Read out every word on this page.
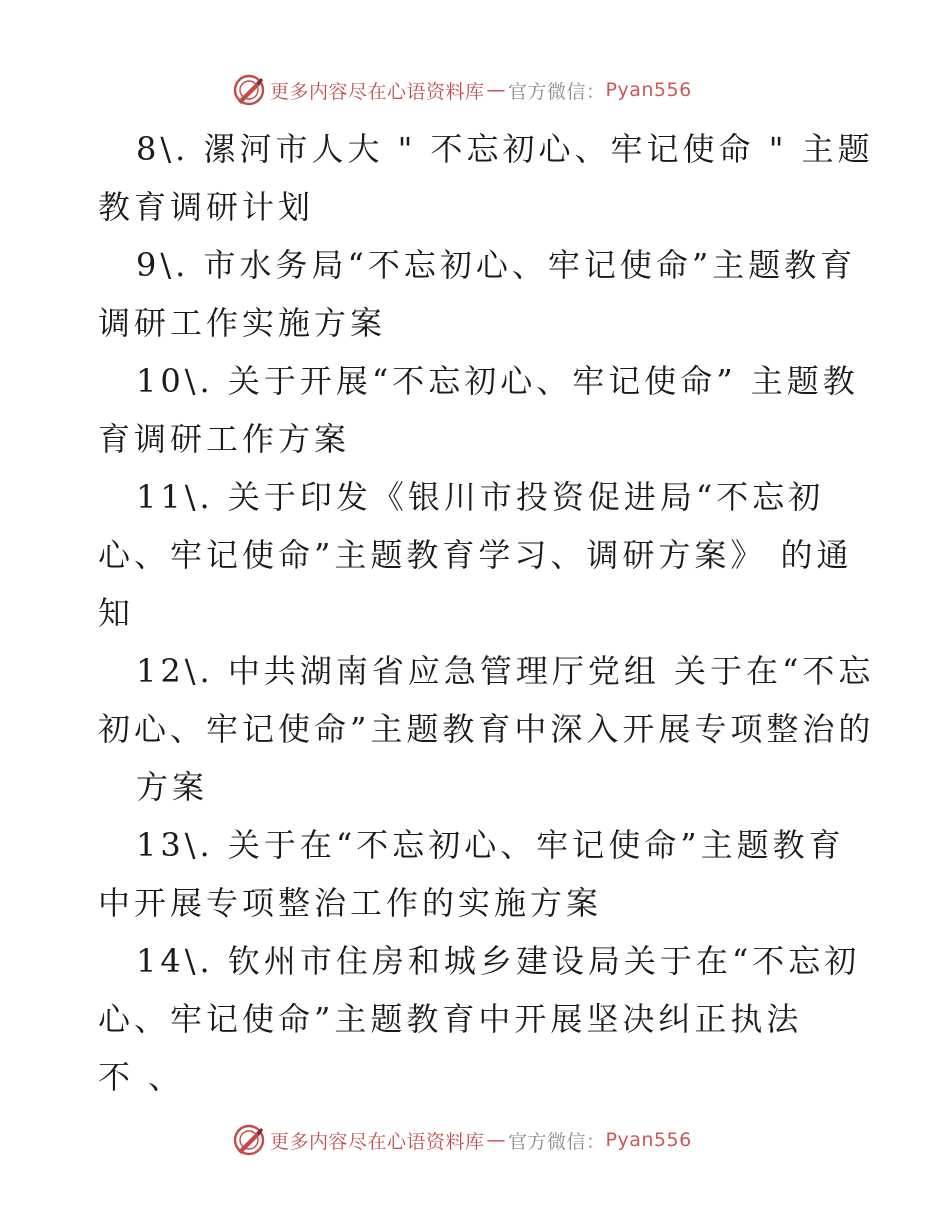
更多内容尽在心语资料库 — 官方微信： Pyan556
8\. 漯河市人大 " 不忘初心、牢记使命 " 主题
教育调研计划
9\. 市水务局“不忘初心、牢记使命”主题教育
调研工作实施方案
10\. 关于开展“不忘初心、牢记使命” 主题教
育调研工作方案
11\. 关于印发《银川市投资促进局“不忘初
心、牢记使命”主题教育学习、调研方案》 的通
知
12\. 中共湖南省应急管理厅党组 关于在“不忘
初心、牢记使命”主题教育中深入开展专项整治的
方案
13\. 关于在“不忘初心、牢记使命”主题教育
中开展专项整治工作的实施方案
14\. 钦州市住房和城乡建设局关于在“不忘初
心、牢记使命”主题教育中开展坚决纠正执法
不 、
更多内容尽在心语资料库 — 官方微信： Pyan556
